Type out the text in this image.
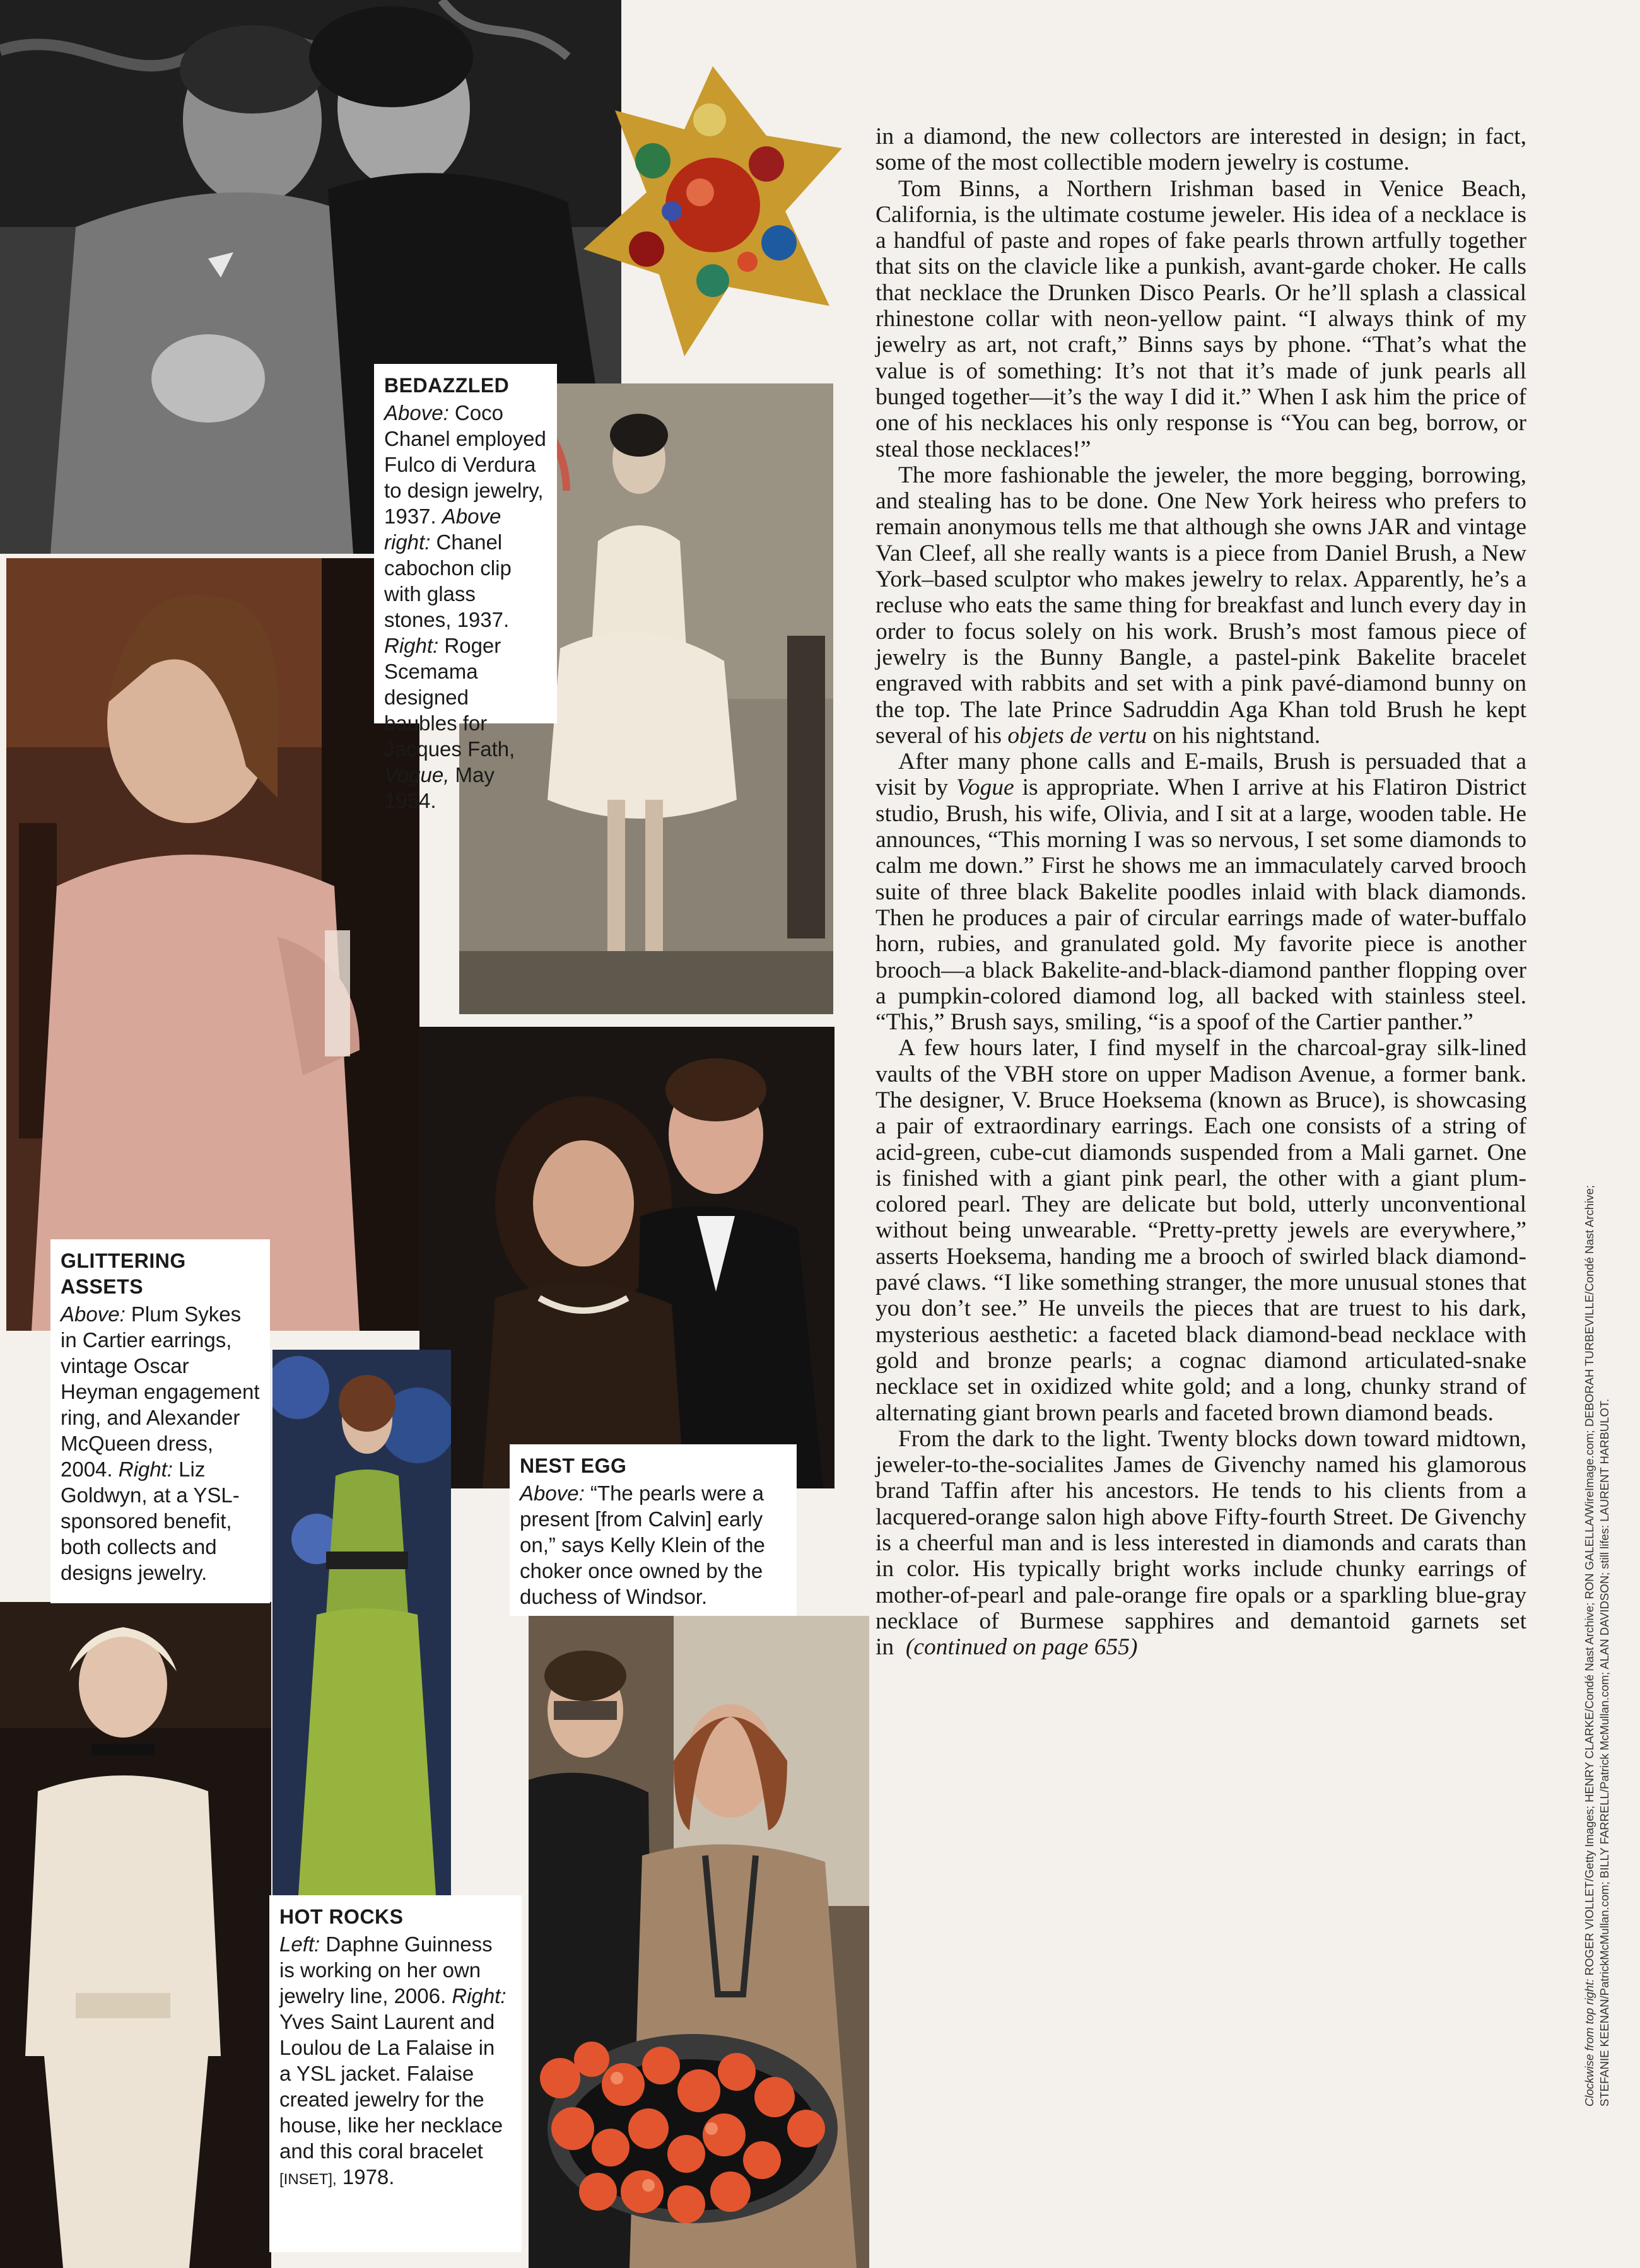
BEDAZZLED
Above: Coco Chanel employed Fulco di Verdura to design jewelry, 1937. Above right: Chanel cabochon clip with glass stones, 1937. Right: Roger Scemama designed baubles for Jacques Fath, Vogue, May 1954.
GLITTERING ASSETS
Above: Plum Sykes in Cartier earrings, vintage Oscar Heyman engagement ring, and Alexander McQueen dress, 2004. Right: Liz Goldwyn, at a YSL-sponsored benefit, both collects and designs jewelry.
NEST EGG
Above: “The pearls were a present [from Calvin] early on,” says Kelly Klein of the choker once owned by the duchess of Windsor.
HOT ROCKS
Left: Daphne Guinness is working on her own jewelry line, 2006. Right: Yves Saint Laurent and Loulou de La Falaise in a YSL jacket. Falaise created jewelry for the house, like her necklace and this coral bracelet [INSET], 1978.

in a diamond, the new collectors are interested in design; in fact, some of the most collectible modern jewelry is costume.

Tom Binns, a Northern Irishman based in Venice Beach, California, is the ultimate costume jeweler. His idea of a necklace is a handful of paste and ropes of fake pearls thrown artfully together that sits on the clavicle like a punkish, avant-garde choker. He calls that necklace the Drunken Disco Pearls. Or he’ll splash a classical rhinestone collar with neon-yellow paint. “I always think of my jewelry as art, not craft,” Binns says by phone. “That’s what the value is of something: It’s not that it’s made of junk pearls all bunged together—it’s the way I did it.” When I ask him the price of one of his necklaces his only response is “You can beg, borrow, or steal those necklaces!”

The more fashionable the jeweler, the more begging, borrowing, and stealing has to be done. One New York heiress who prefers to remain anonymous tells me that although she owns JAR and vintage Van Cleef, all she really wants is a piece from Daniel Brush, a New York–based sculptor who makes jewelry to relax. Apparently, he’s a recluse who eats the same thing for breakfast and lunch every day in order to focus solely on his work. Brush’s most famous piece of jewelry is the Bunny Bangle, a pastel-pink Bakelite bracelet engraved with rabbits and set with a pink pavé-diamond bunny on the top. The late Prince Sadruddin Aga Khan told Brush he kept several of his objets de vertu on his nightstand.

After many phone calls and E-mails, Brush is persuaded that a visit by Vogue is appropriate. When I arrive at his Flatiron District studio, Brush, his wife, Olivia, and I sit at a large, wooden table. He announces, “This morning I was so nervous, I set some diamonds to calm me down.” First he shows me an immaculately carved brooch suite of three black Bakelite poodles inlaid with black diamonds. Then he produces a pair of circular earrings made of water-buffalo horn, rubies, and granulated gold. My favorite piece is another brooch—a black Bakelite-and-black-diamond panther flopping over a pumpkin-colored diamond log, all backed with stainless steel. “This,” Brush says, smiling, “is a spoof of the Cartier panther.”

A few hours later, I find myself in the charcoal-gray silk-lined vaults of the VBH store on upper Madison Avenue, a former bank. The designer, V. Bruce Hoeksema (known as Bruce), is showcasing a pair of extraordinary earrings. Each one consists of a string of acid-green, cube-cut diamonds suspended from a Mali garnet. One is finished with a giant pink pearl, the other with a giant plum-colored pearl. They are delicate but bold, utterly unconventional without being unwearable. “Pretty-pretty jewels are everywhere,” asserts Hoeksema, handing me a brooch of swirled black diamond-pavé claws. “I like something stranger, the more unusual stones that you don’t see.” He unveils the pieces that are truest to his dark, mysterious aesthetic: a faceted black diamond-bead necklace with gold and bronze pearls; a cognac diamond articulated-snake necklace set in oxidized white gold; and a long, chunky strand of alternating giant brown pearls and faceted brown diamond beads.

From the dark to the light. Twenty blocks down toward midtown, jeweler-to-the-socialites James de Givenchy named his glamorous brand Taffin after his ancestors. He tends to his clients from a lacquered-orange salon high above Fifty-fourth Street. De Givenchy is a cheerful man and is less interested in diamonds and carats than in color. His typically bright works include chunky earrings of mother-of-pearl and pale-orange fire opals or a sparkling blue-gray necklace of Burmese sapphires and demantoid garnets set in (continued on page 655)

Clockwise from top right: ROGER VIOLLET/Getty Images; HENRY CLARKE/Condé Nast Archive; RON GALELLA/WireImage.com; DEBORAH TURBEVILLE/Condé Nast Archive; STEFANIE KEENAN/PatrickMcMullan.com; BILLY FARRELL/Patrick McMullan.com; ALAN DAVIDSON; still lifes: LAURENT HARBULOT.
